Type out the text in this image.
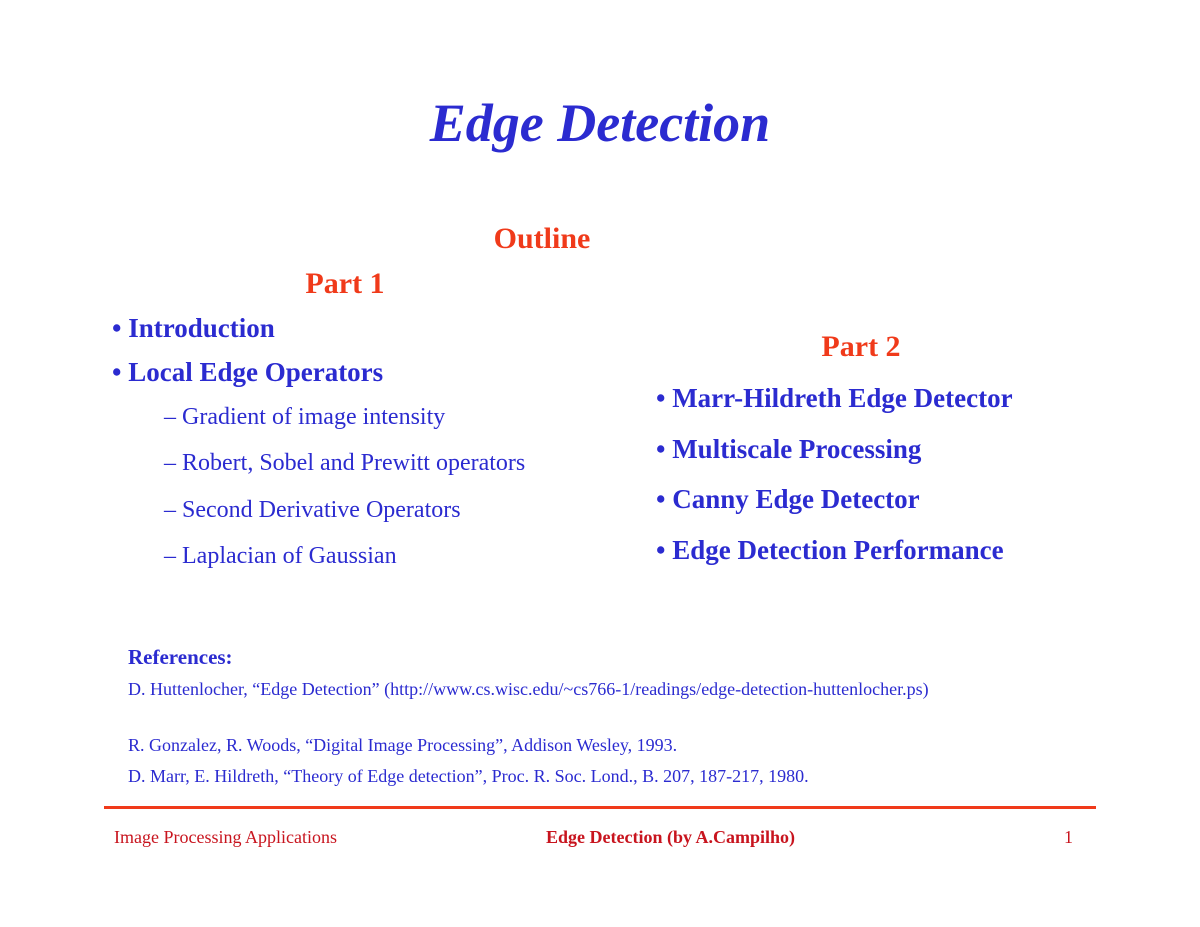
Edge Detection
Outline
Part 1
• Introduction
• Local Edge Operators
– Gradient of image intensity
– Robert, Sobel and Prewitt operators
– Second Derivative Operators
– Laplacian of Gaussian
Part 2
• Marr-Hildreth Edge Detector
• Multiscale Processing
• Canny Edge Detector
• Edge Detection Performance
References:
D. Huttenlocher, “Edge Detection” (http://www.cs.wisc.edu/~cs766-1/readings/edge-detection-huttenlocher.ps)
R. Gonzalez, R. Woods, “Digital Image Processing”, Addison Wesley, 1993.
D. Marr, E. Hildreth, “Theory of Edge detection”, Proc. R. Soc. Lond., B. 207, 187-217, 1980.
Image Processing Applications	Edge Detection (by A.Campilho)	1
